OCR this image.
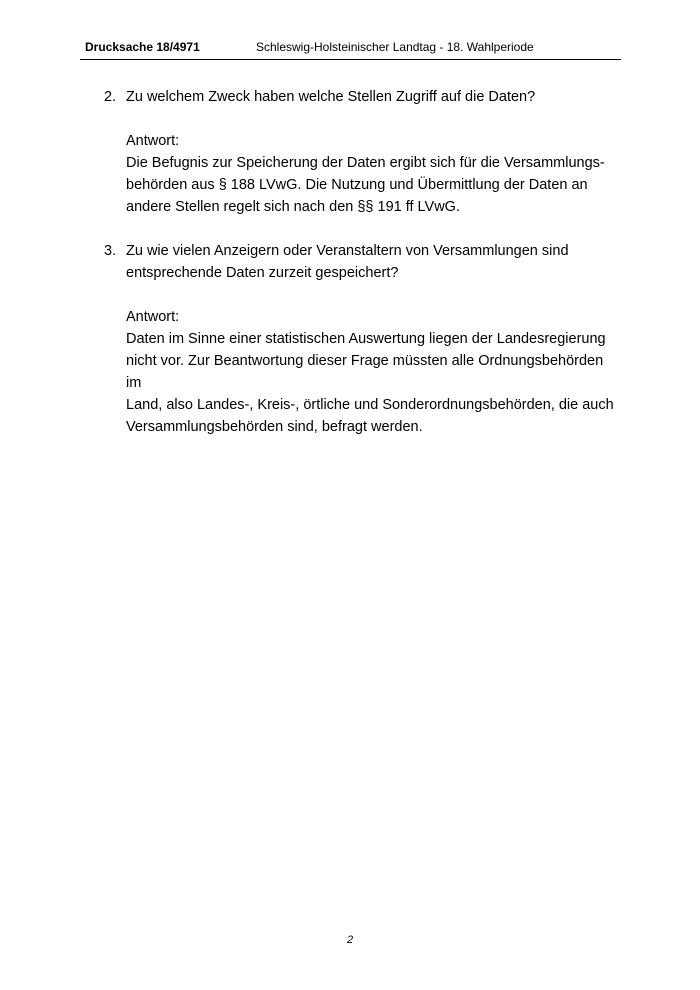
Drucksache 18/4971	Schleswig-Holsteinischer Landtag - 18. Wahlperiode
2. Zu welchem Zweck haben welche Stellen Zugriff auf die Daten?
Antwort:
Die Befugnis zur Speicherung der Daten ergibt sich für die Versammlungs-
behörden aus § 188 LVwG. Die Nutzung und Übermittlung der Daten an
andere Stellen regelt sich nach den §§ 191 ff LVwG.
3. Zu wie vielen Anzeigern oder Veranstaltern von Versammlungen sind
entsprechende Daten zurzeit gespeichert?
Antwort:
Daten im Sinne einer statistischen Auswertung liegen der Landesregierung
nicht vor. Zur Beantwortung dieser Frage müssten alle Ordnungsbehörden im
Land, also Landes-, Kreis-, örtliche und Sonderordnungsbehörden, die auch
Versammlungsbehörden sind, befragt werden.
2
